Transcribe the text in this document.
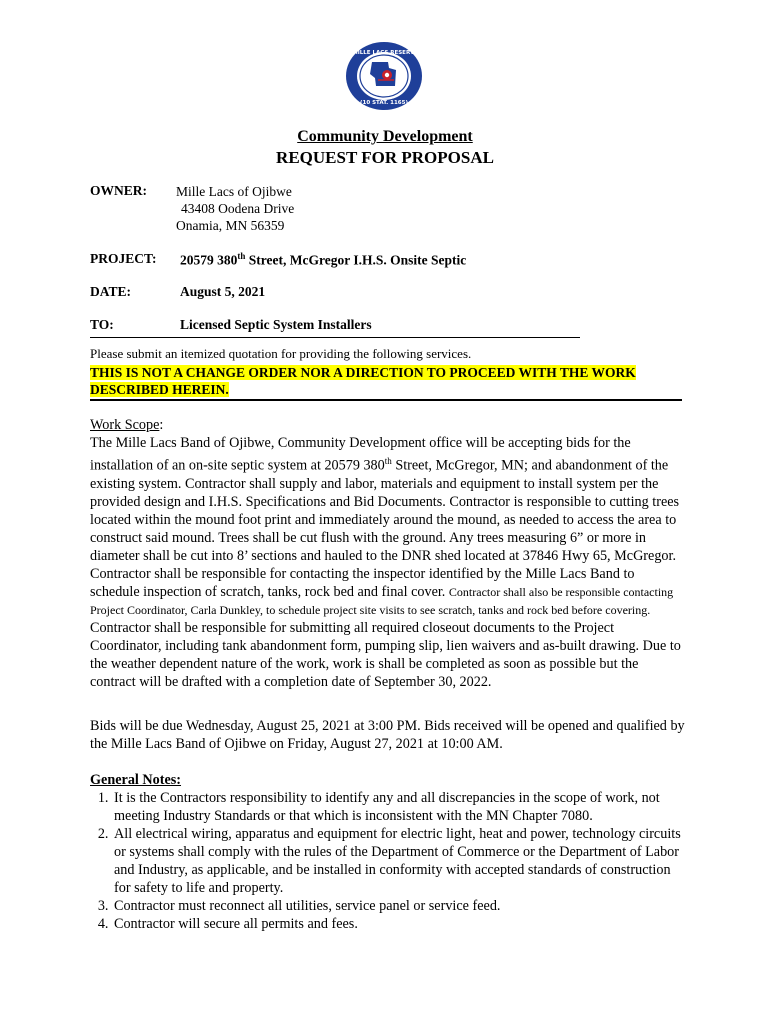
1855 MILLE LACS RESERVATION
(10 STAT. 1165)
Community Development
REQUEST FOR PROPOSAL
OWNER: Mille Lacs of Ojibwe
43408 Oodena Drive
Onamia, MN 56359
PROJECT: 20579 380th Street, McGregor I.H.S. Onsite Septic
DATE:	August 5, 2021
TO:	Licensed Septic System Installers
Please submit an itemized quotation for providing the following services.
THIS IS NOT A CHANGE ORDER NOR A DIRECTION TO PROCEED WITH THE WORK
DESCRIBED HEREIN.
Work Scope:
The Mille Lacs Band of Ojibwe, Community Development office will be accepting bids for the installation of an on-site septic system at 20579 380th Street, McGregor, MN; and abandonment of the existing system. Contractor shall supply and labor, materials and equipment to install system per the provided design and I.H.S. Specifications and Bid Documents. Contractor is responsible to cutting trees located within the mound foot print and immediately around the mound, as needed to access the area to construct said mound. Trees shall be cut flush with the ground. Any trees measuring 6” or more in diameter shall be cut into 8’ sections and hauled to the DNR shed located at 37846 Hwy 65, McGregor. Contractor shall be responsible for contacting the inspector identified by the Mille Lacs Band to schedule inspection of scratch, tanks, rock bed and final cover. Contractor shall also be responsible contacting Project Coordinator, Carla Dunkley, to schedule project site visits to see scratch, tanks and rock bed before covering. Contractor shall be responsible for submitting all required closeout documents to the Project Coordinator, including tank abandonment form, pumping slip, lien waivers and as-built drawing. Due to the weather dependent nature of the work, work is shall be completed as soon as possible but the contract will be drafted with a completion date of September 30, 2022.
Bids will be due Wednesday, August 25, 2021 at 3:00 PM. Bids received will be opened and qualified by the Mille Lacs Band of Ojibwe on Friday, August 27, 2021 at 10:00 AM.
General Notes:
1. It is the Contractors responsibility to identify any and all discrepancies in the scope of work, not meeting Industry Standards or that which is inconsistent with the MN Chapter 7080.
2. All electrical wiring, apparatus and equipment for electric light, heat and power, technology circuits or systems shall comply with the rules of the Department of Commerce or the Department of Labor and Industry, as applicable, and be installed in conformity with accepted standards of construction for safety to life and property.
3. Contractor must reconnect all utilities, service panel or service feed.
4. Contractor will secure all permits and fees.
